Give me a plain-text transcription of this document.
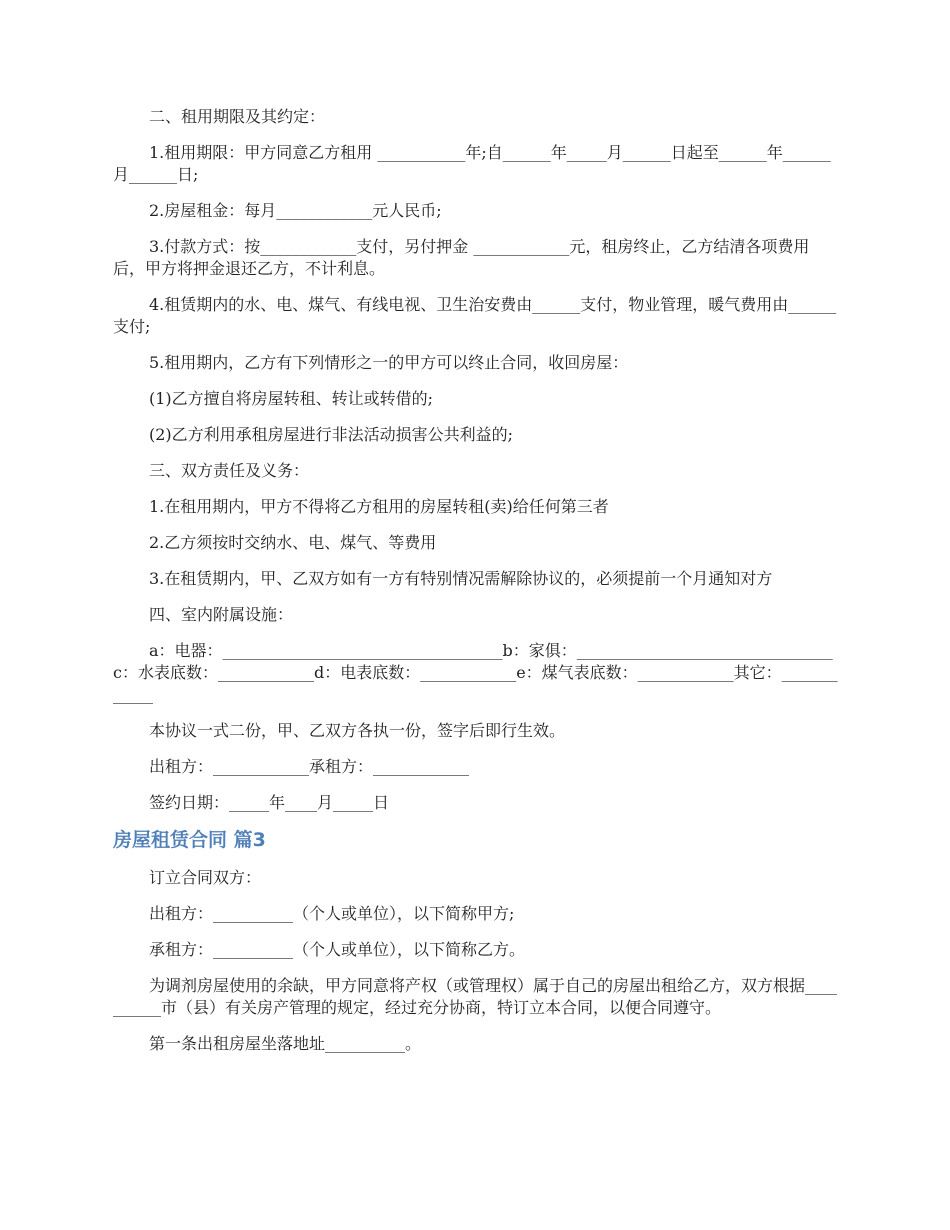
二、租用期限及其约定：

1.租用期限：甲方同意乙方租用 ___________年;自______年_____月______日起至______年______月______日;

2.房屋租金：每月____________元人民币;

3.付款方式：按____________支付，另付押金 ____________元，租房终止，乙方结清各项费用后，甲方将押金退还乙方，不计利息。

4.租赁期内的水、电、煤气、有线电视、卫生治安费由______支付，物业管理，暖气费用由______支付;

5.租用期内，乙方有下列情形之一的甲方可以终止合同，收回房屋：

(1)乙方擅自将房屋转租、转让或转借的;

(2)乙方利用承租房屋进行非法活动损害公共利益的;

三、双方责任及义务：

1.在租用期内，甲方不得将乙方租用的房屋转租(卖)给任何第三者

2.乙方须按时交纳水、电、煤气、等费用

3.在租赁期内，甲、乙双方如有一方有特别情况需解除协议的，必须提前一个月通知对方

四、室内附属设施：

a：电器：___________________________________b：家俱：________________________________c：水表底数：____________d：电表底数：____________e：煤气表底数：____________其它：____________

本协议一式二份，甲、乙双方各执一份，签字后即行生效。

出租方：____________承租方：____________

签约日期：_____年____月_____日

房屋租赁合同 篇3

订立合同双方：

出租方：__________（个人或单位），以下简称甲方;

承租方：__________（个人或单位），以下简称乙方。

为调剂房屋使用的余缺，甲方同意将产权（或管理权）属于自己的房屋出租给乙方，双方根据__________市（县）有关房产管理的规定，经过充分协商，特订立本合同，以便合同遵守。

第一条出租房屋坐落地址__________。
